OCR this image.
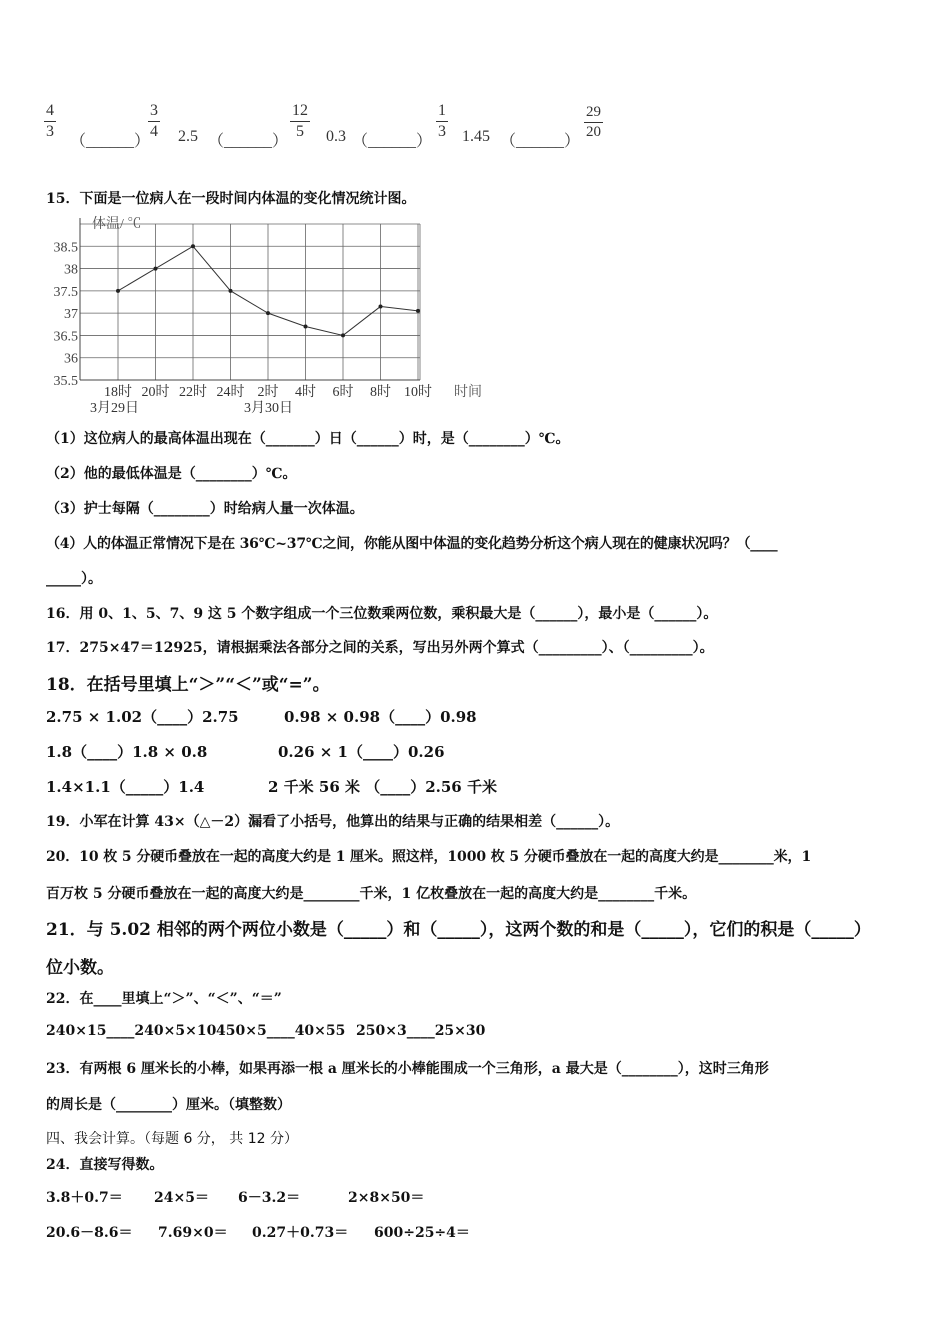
4
3
（______）
3
4 2.5 （______）
12
5	0.3 （______）
1
3 1.45 （______）
29
20
15．下面是一位病人在一段时间内体温的变化情况统计图。
35.5
36
36.5
37
37.5
38
38.5
体温/ ℃
18时 20时 22时 24时 2时 4时 6时 8时 10时 时间
3月29日	3月30日
（1）这位病人的最高体温出现在（_______）日（______）时，是（________）℃。
（2）他的最低体温是（________）℃。
（3）护士每隔（________）时给病人量一次体温。
（4）人的体温正常情况下是在 36℃~37℃之间，你能从图中体温的变化趋势分析这个病人现在的健康状况吗？（____
_____）。
16．用 0、1、5、7、9 这 5 个数字组成一个三位数乘两位数，乘积最大是（______），最小是（______）。
17．275×47＝12925，请根据乘法各部分之间的关系，写出另外两个算式（_________）、（_________）。
18．在括号里填上“＞”“＜”或“=”。
2.75 × 1.02（____）2.75	0.98 × 0.98（____）0.98
1.8（____）1.8 × 0.8	0.26 × 1（____）0.26
1.4×1.1（_____）1.4	2 千米 56 米 （____）2.56 千米
19．小军在计算 43×（△－2）漏看了小括号，他算出的结果与正确的结果相差（______）。
20．10 枚 5 分硬币叠放在一起的高度大约是 1 厘米。照这样，1000 枚 5 分硬币叠放在一起的高度大约是________米，1
百万枚 5 分硬币叠放在一起的高度大约是________千米，1 亿枚叠放在一起的高度大约是________千米。
21．与 5.02 相邻的两个两位小数是（_____）和（_____），这两个数的和是（_____），它们的积是（_____）
位小数。
22．在____里填上“＞”、“＜”、“＝”
240×15____240×5×10 450×5____40×55 250×3____25×30
23．有两根 6 厘米长的小棒，如果再添一根 a 厘米长的小棒能围成一个三角形，a 最大是（________），这时三角形
的周长是（________）厘米。（填整数）
四、我会计算。（每题 6 分， 共 12 分）
24．直接写得数。
3.8＋0.7＝ 24×5＝ 6－3.2＝	2×8×50＝
20.6－8.6＝ 7.69×0＝ 0.27＋0.73＝ 600÷25÷4＝
